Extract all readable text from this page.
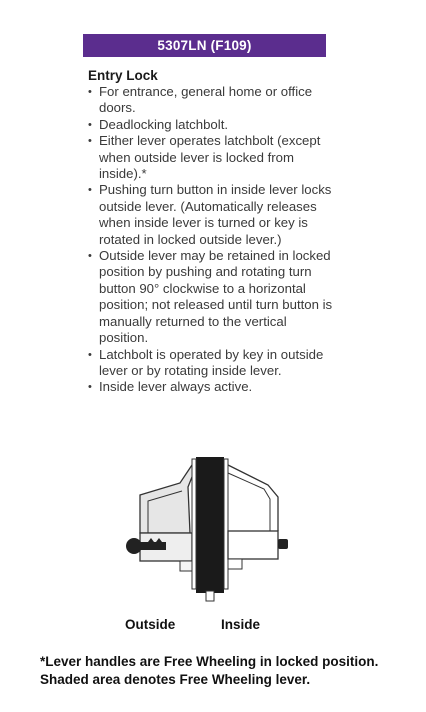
5307LN (F109)
Entry Lock
• For entrance, general home or office doors.
• Deadlocking latchbolt.
• Either lever operates latchbolt (except when outside lever is locked from inside).*
• Pushing turn button in inside lever locks outside lever. (Automatically releases when inside lever is turned or key is rotated in locked outside lever.)
• Outside lever may be retained in locked position by pushing and rotating turn button 90° clockwise to a horizontal position; not released until turn button is manually returned to the vertical position.
• Latchbolt is operated by key in outside lever or by rotating inside lever.
• Inside lever always active.
Outside	Inside
*Lever handles are Free Wheeling in locked position.
Shaded area denotes Free Wheeling lever.
